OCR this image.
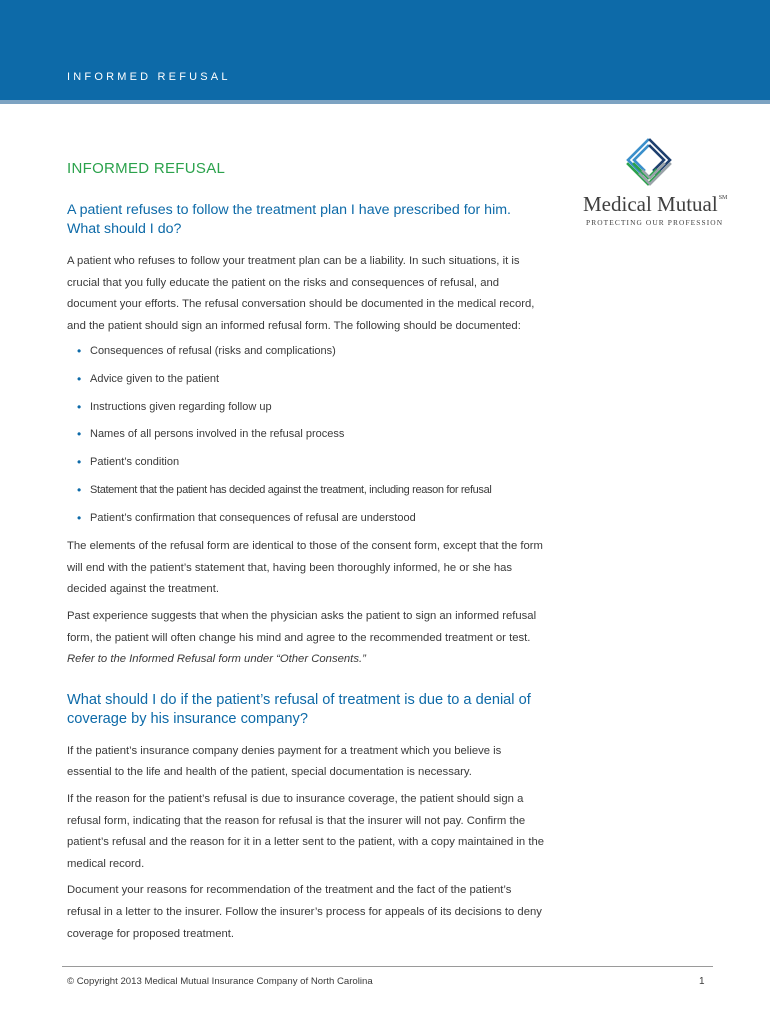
INFORMED REFUSAL
Medical Mutual℠
PROTECTING OUR PROFESSION
INFORMED REFUSAL
A patient refuses to follow the treatment plan I have prescribed for him. What should I do?

A patient who refuses to follow your treatment plan can be a liability. In such situations, it is crucial that you fully educate the patient on the risks and consequences of refusal, and document your efforts. The refusal conversation should be documented in the medical record, and the patient should sign an informed refusal form. The following should be documented:

• Consequences of refusal (risks and complications)
• Advice given to the patient
• Instructions given regarding follow up
• Names of all persons involved in the refusal process
• Patient’s condition
• Statement that the patient has decided against the treatment, including reason for refusal
• Patient’s confirmation that consequences of refusal are understood

The elements of the refusal form are identical to those of the consent form, except that the form will end with the patient’s statement that, having been thoroughly informed, he or she has decided against the treatment.

Past experience suggests that when the physician asks the patient to sign an informed refusal form, the patient will often change his mind and agree to the recommended treatment or test. Refer to the Informed Refusal form under “Other Consents.”

What should I do if the patient’s refusal of treatment is due to a denial of coverage by his insurance company?

If the patient’s insurance company denies payment for a treatment which you believe is essential to the life and health of the patient, special documentation is necessary.

If the reason for the patient’s refusal is due to insurance coverage, the patient should sign a refusal form, indicating that the reason for refusal is that the insurer will not pay. Confirm the patient’s refusal and the reason for it in a letter sent to the patient, with a copy maintained in the medical record.

Document your reasons for recommendation of the treatment and the fact of the patient’s refusal in a letter to the insurer. Follow the insurer’s process for appeals of its decisions to deny coverage for proposed treatment.

© Copyright 2013 Medical Mutual Insurance Company of North Carolina	1
